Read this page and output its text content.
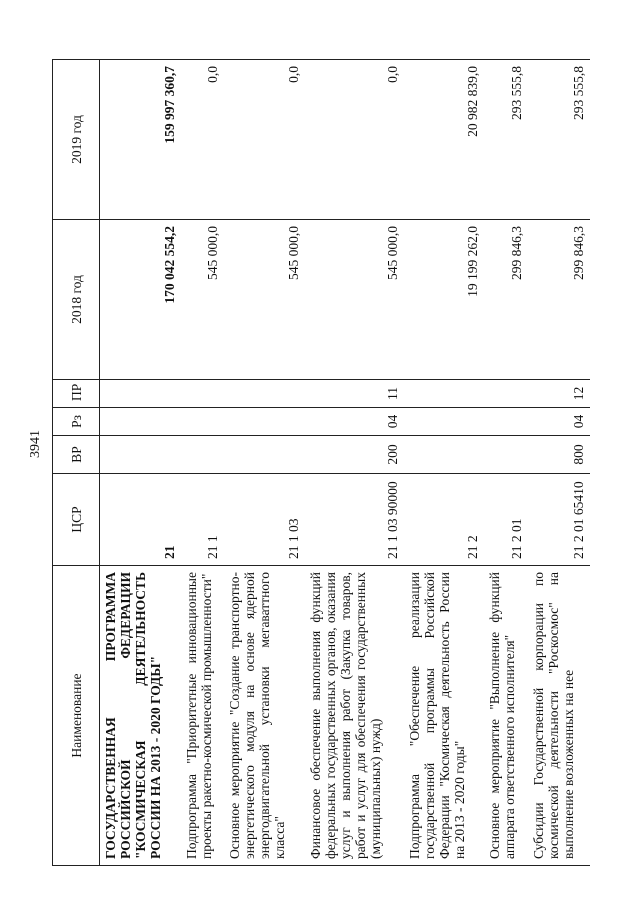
3941
Наименование	ЦСР	ВР	Рз	ПР	2018 год	2019 год
ГОСУДАРСТВЕННАЯ ПРОГРАММА РОССИЙСКОЙ ФЕДЕРАЦИИ "КОСМИЧЕСКАЯ ДЕЯТЕЛЬНОСТЬ РОССИИ НА 2013 - 2020 ГОДЫ"	21				170 042 554,2	159 997 360,7
Подпрограмма "Приоритетные инновационные проекты ракетно-космической промышленности"	21 1				545 000,0	0,0
Основное мероприятие "Создание транспортно-энергетического модуля на основе ядерной энергодвигательной установки мегаваттного класса"	21 1 03				545 000,0	0,0
Финансовое обеспечение выполнения функций федеральных государственных органов, оказания услуг и выполнения работ (Закупка товаров, работ и услуг для обеспечения государственных (муниципальных) нужд)	21 1 03 90000	200	04	11	545 000,0	0,0
Подпрограмма "Обеспечение реализации государственной программы Российской Федерации "Космическая деятельность России на 2013 - 2020 годы"	21 2				19 199 262,0	20 982 839,0
Основное мероприятие "Выполнение функций аппарата ответственного исполнителя"	21 2 01				299 846,3	293 555,8
Субсидии Государственной корпорации по космической деятельности "Роскосмос" на выполнение возложенных на нее	21 2 01 65410	800	04	12	299 846,3	293 555,8
